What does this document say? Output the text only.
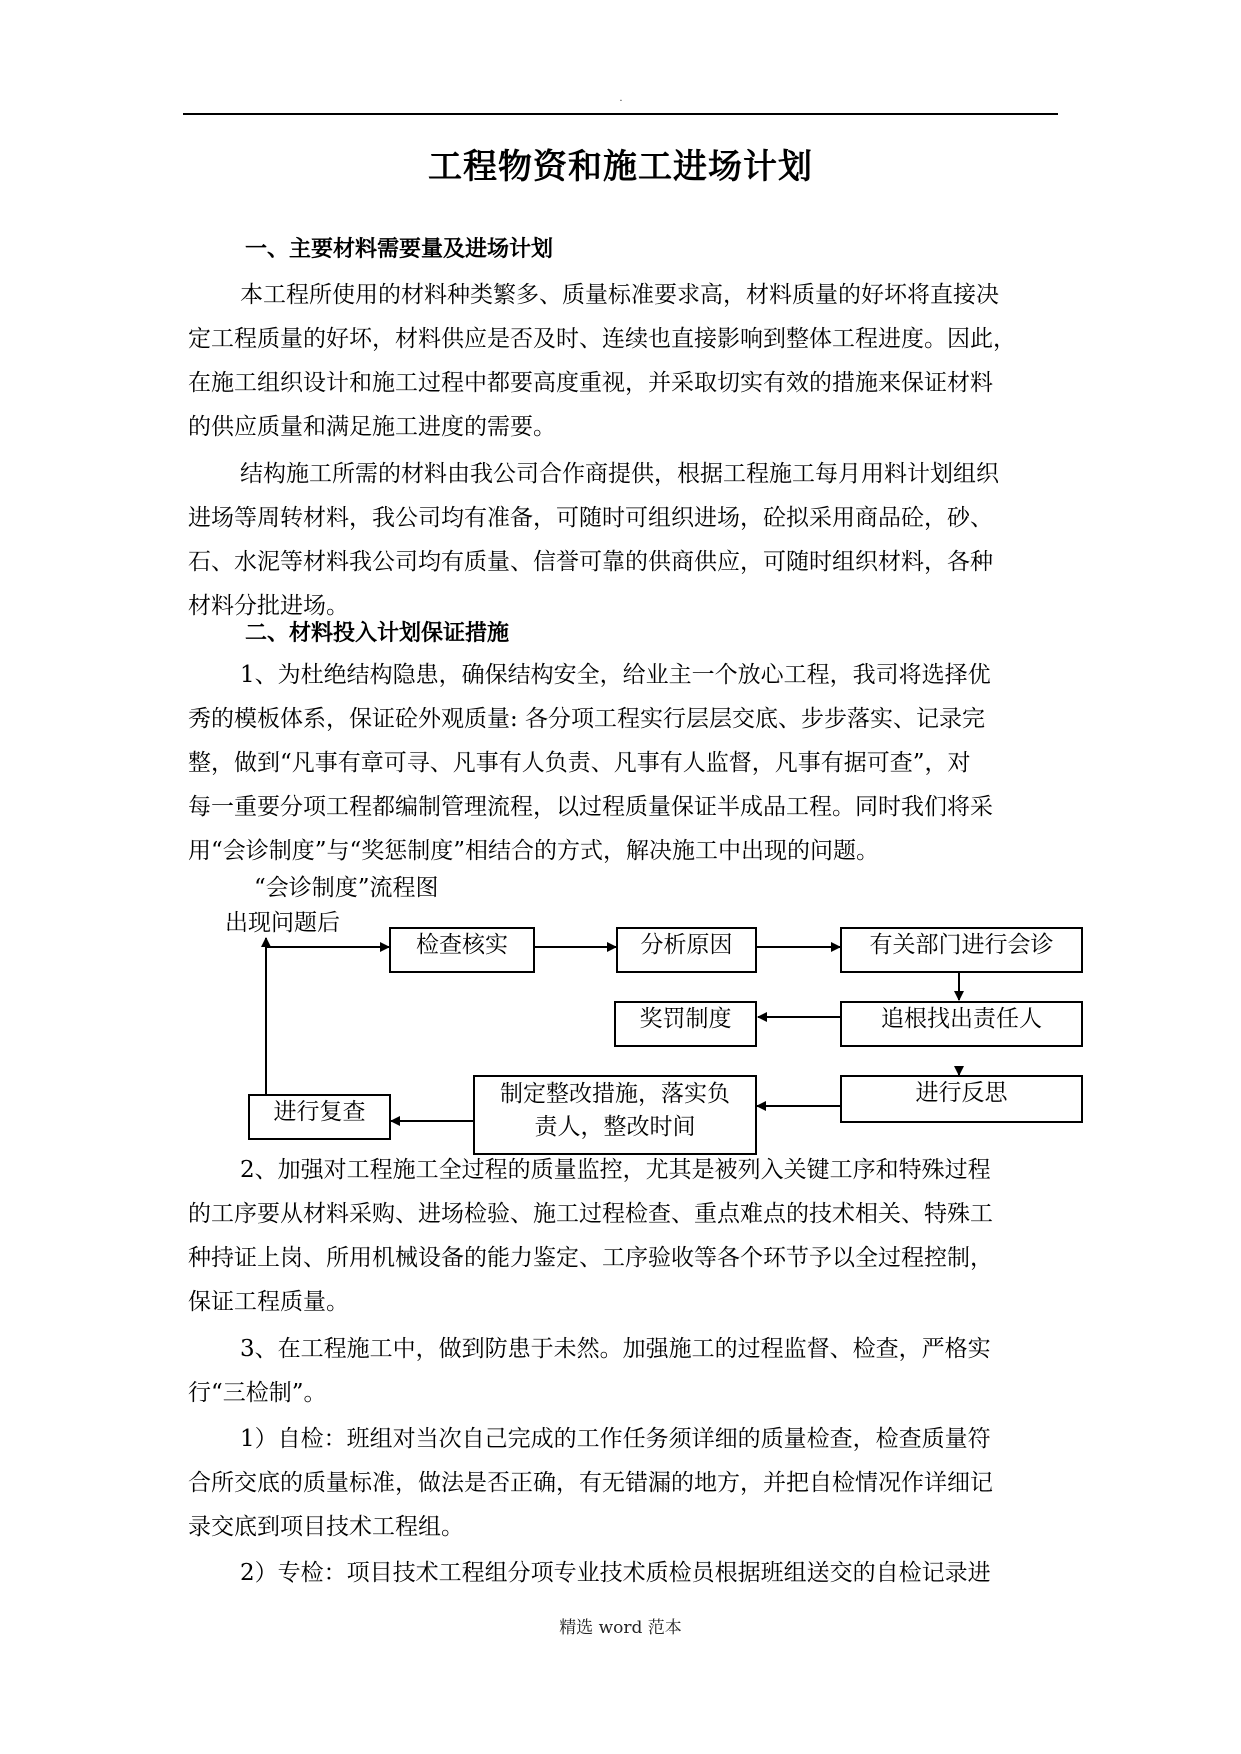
.
工程物资和施工进场计划
一、主要材料需要量及进场计划
本工程所使用的材料种类繁多、质量标准要求高，材料质量的好坏将直接决
定工程质量的好坏，材料供应是否及时、连续也直接影响到整体工程进度。因此，
在施工组织设计和施工过程中都要高度重视，并采取切实有效的措施来保证材料
的供应质量和满足施工进度的需要。
结构施工所需的材料由我公司合作商提供，根据工程施工每月用料计划组织
进场等周转材料，我公司均有准备，可随时可组织进场，砼拟采用商品砼，砂、
石、水泥等材料我公司均有质量、信誉可靠的供商供应，可随时组织材料，各种
材料分批进场。
二、材料投入计划保证措施
1、为杜绝结构隐患，确保结构安全，给业主一个放心工程，我司将选择优
秀的模板体系，保证砼外观质量: 各分项工程实行层层交底、步步落实、记录完
整，做到“凡事有章可寻、凡事有人负责、凡事有人监督，凡事有据可查”，对
每一重要分项工程都编制管理流程，以过程质量保证半成品工程。同时我们将采
用“会诊制度”与“奖惩制度”相结合的方式，解决施工中出现的问题。
“会诊制度”流程图
出现问题后
检查核实	分析原因	有关部门进行会诊
追根找出责任人
奖罚制度
进行反思
制定整改措施，落实负
责人，整改时间
进行复查
2、加强对工程施工全过程的质量监控，尤其是被列入关键工序和特殊过程
的工序要从材料采购、进场检验、施工过程检查、重点难点的技术相关、特殊工
种持证上岗、所用机械设备的能力鉴定、工序验收等各个环节予以全过程控制，
保证工程质量。
3、在工程施工中，做到防患于未然。加强施工的过程监督、检查，严格实
行“三检制”。
1）自检：班组对当次自己完成的工作任务须详细的质量检查，检查质量符
合所交底的质量标准，做法是否正确，有无错漏的地方，并把自检情况作详细记
录交底到项目技术工程组。
2）专检：项目技术工程组分项专业技术质检员根据班组送交的自检记录进
精选 word 范本
